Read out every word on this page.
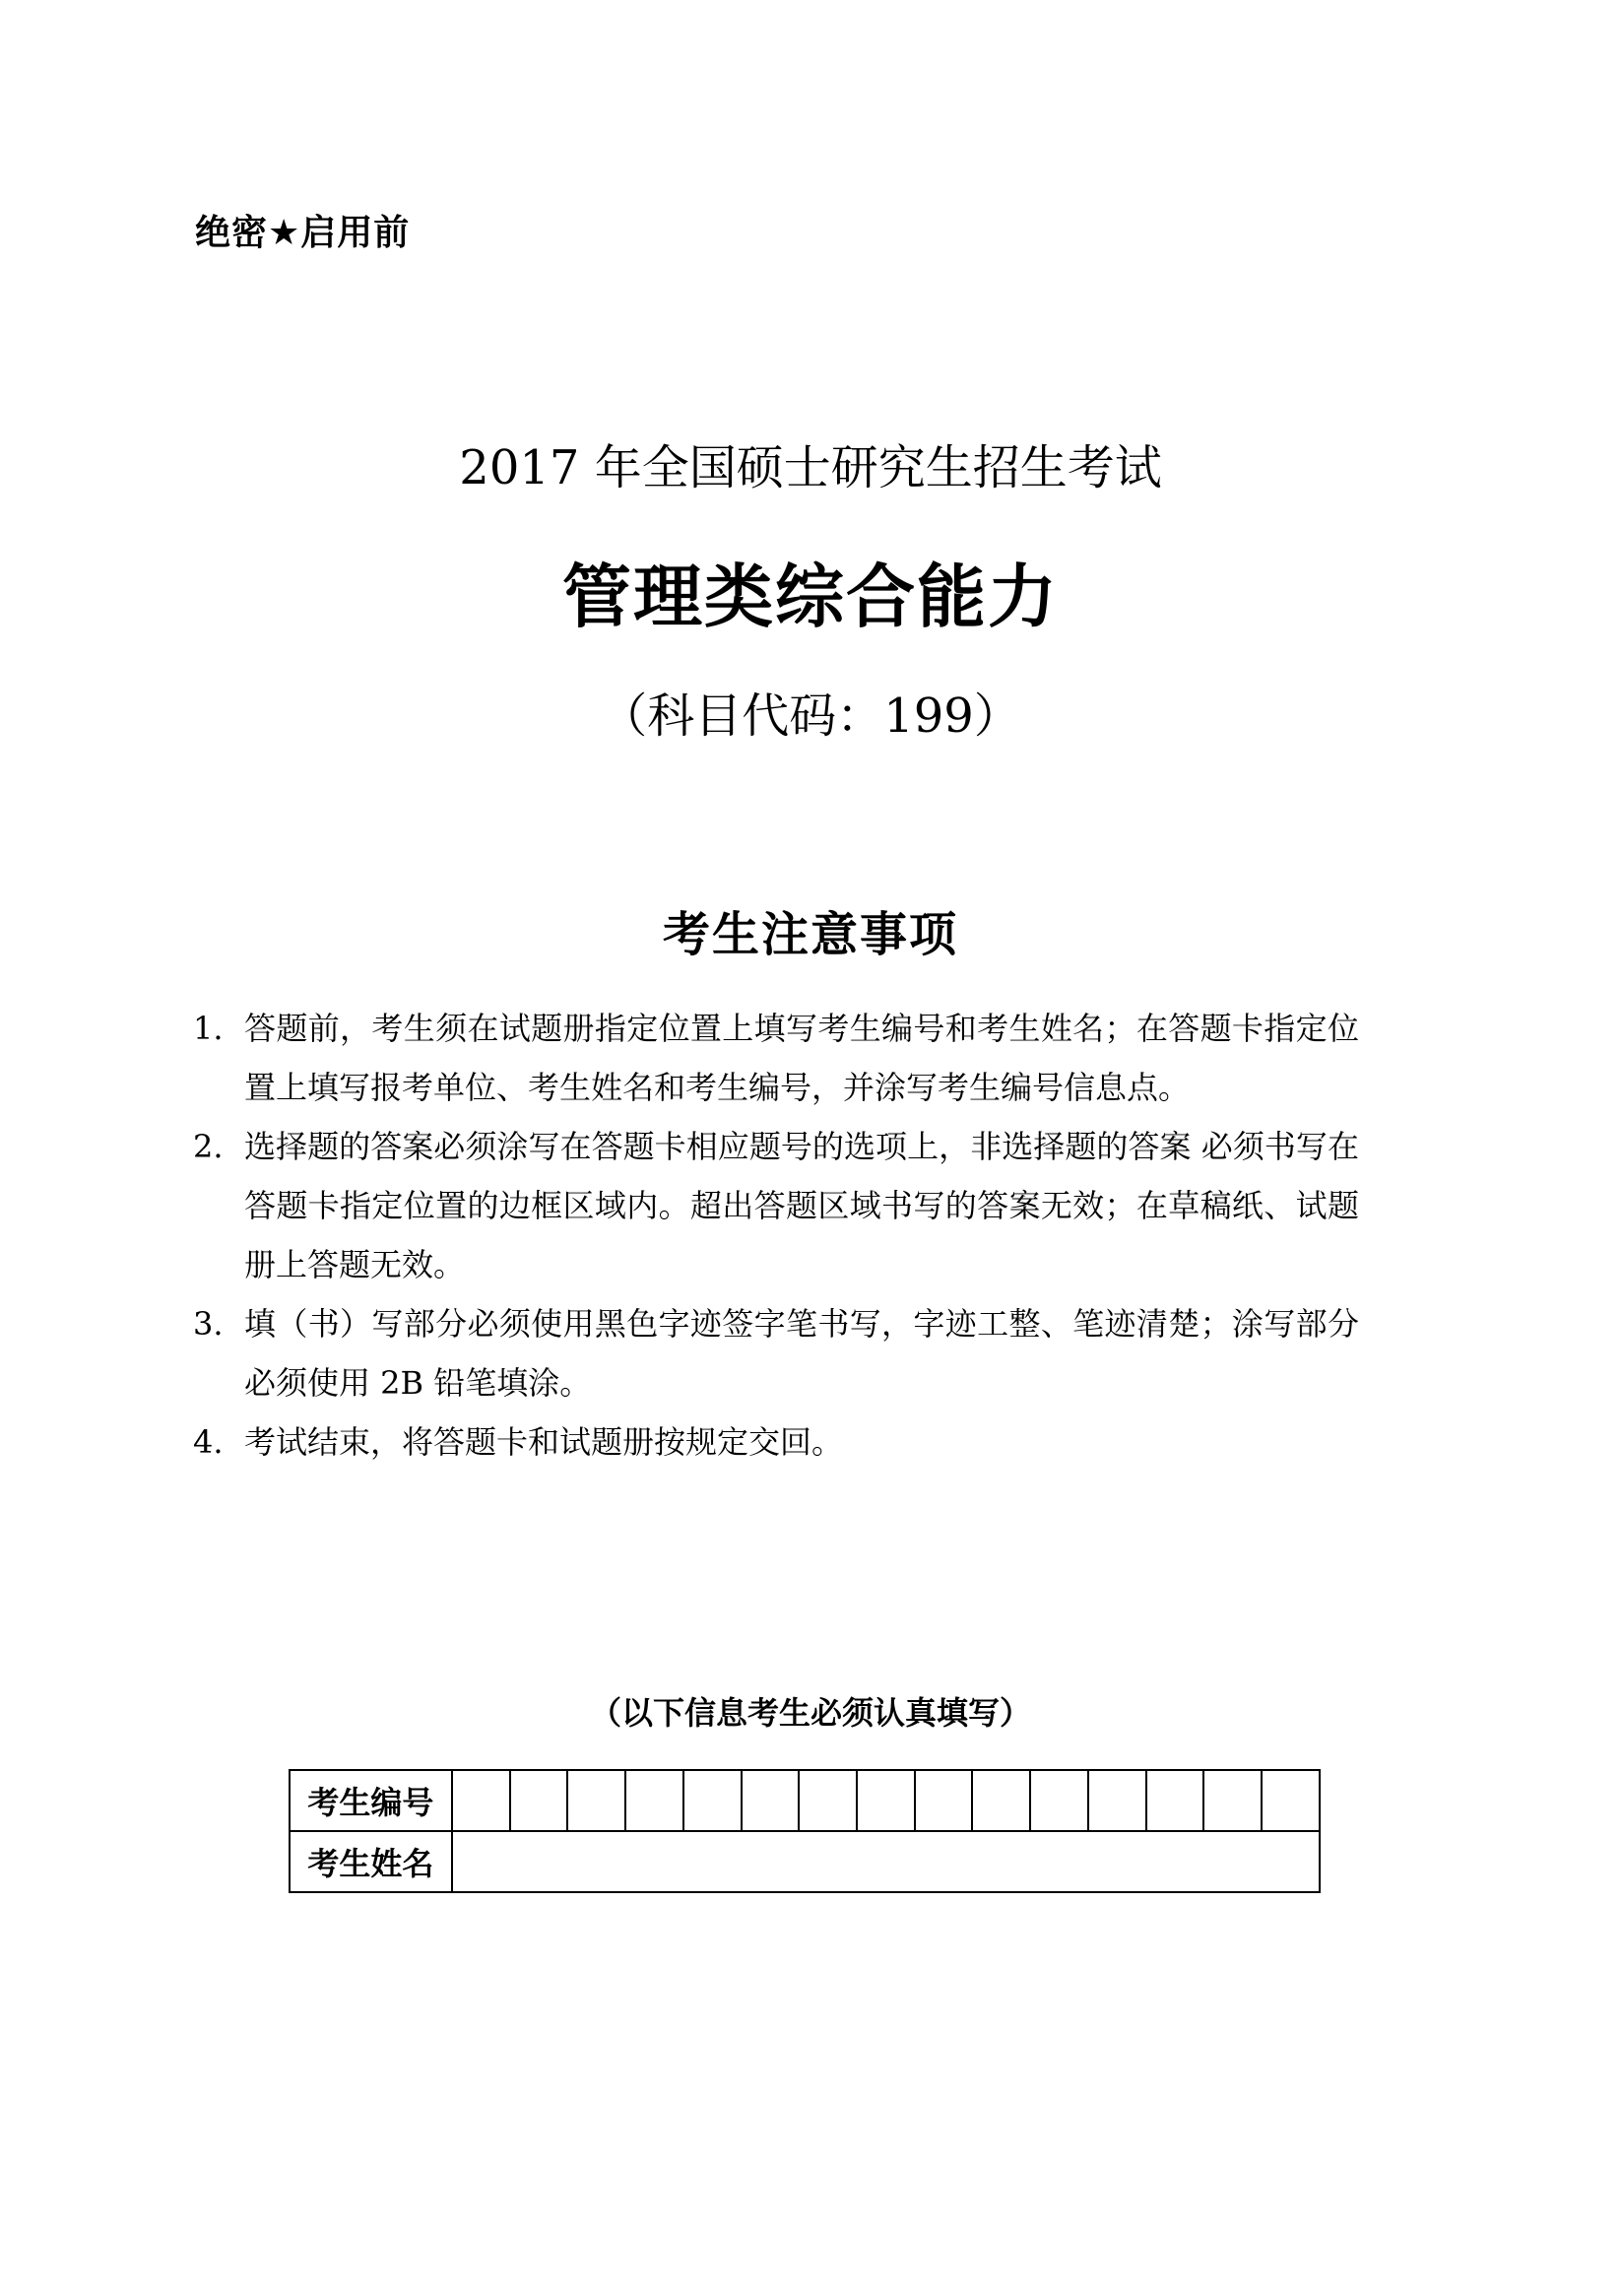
绝密★启用前
2017 年全国硕士研究生招生考试
管理类综合能力
（科目代码：199）
考生注意事项
1. 答题前，考生须在试题册指定位置上填写考生编号和考生姓名；在答题卡指定位置上填写报考单位、考生姓名和考生编号，并涂写考生编号信息点。
2. 选择题的答案必须涂写在答题卡相应题号的选项上，非选择题的答案 必须书写在答题卡指定位置的边框区域内。超出答题区域书写的答案无效；在草稿纸、试题册上答题无效。
3. 填（书）写部分必须使用黑色字迹签字笔书写，字迹工整、笔迹清楚；涂写部分必须使用 2B 铅笔填涂。
4. 考试结束，将答题卡和试题册按规定交回。
（以下信息考生必须认真填写）
考生编号															
考生姓名															
